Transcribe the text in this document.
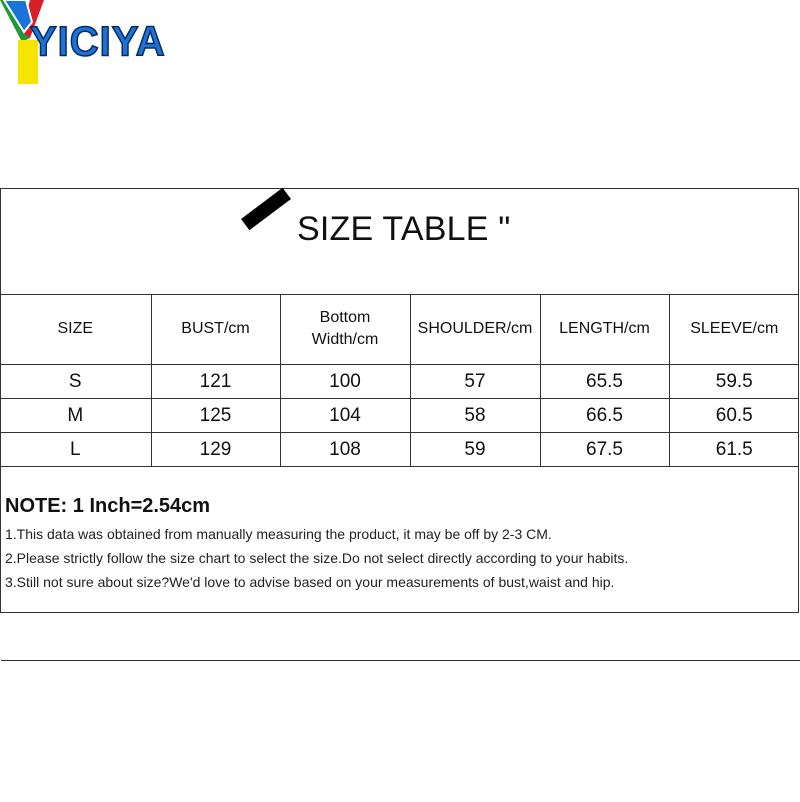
YICIYA
SIZE TABLE "
SIZE	BUST/cm	Bottom Width/cm	SHOULDER/cm	LENGTH/cm	SLEEVE/cm
S	121	100	57	65.5	59.5
M	125	104	58	66.5	60.5
L	129	108	59	67.5	61.5
NOTE: 1 Inch=2.54cm
1.This data was obtained from manually measuring the product, it may be off by 2-3 CM.
2.Please strictly follow the size chart to select the size.Do not select directly according to your habits.
3.Still not sure about size?We'd love to advise based on your measurements of bust,waist and hip.
